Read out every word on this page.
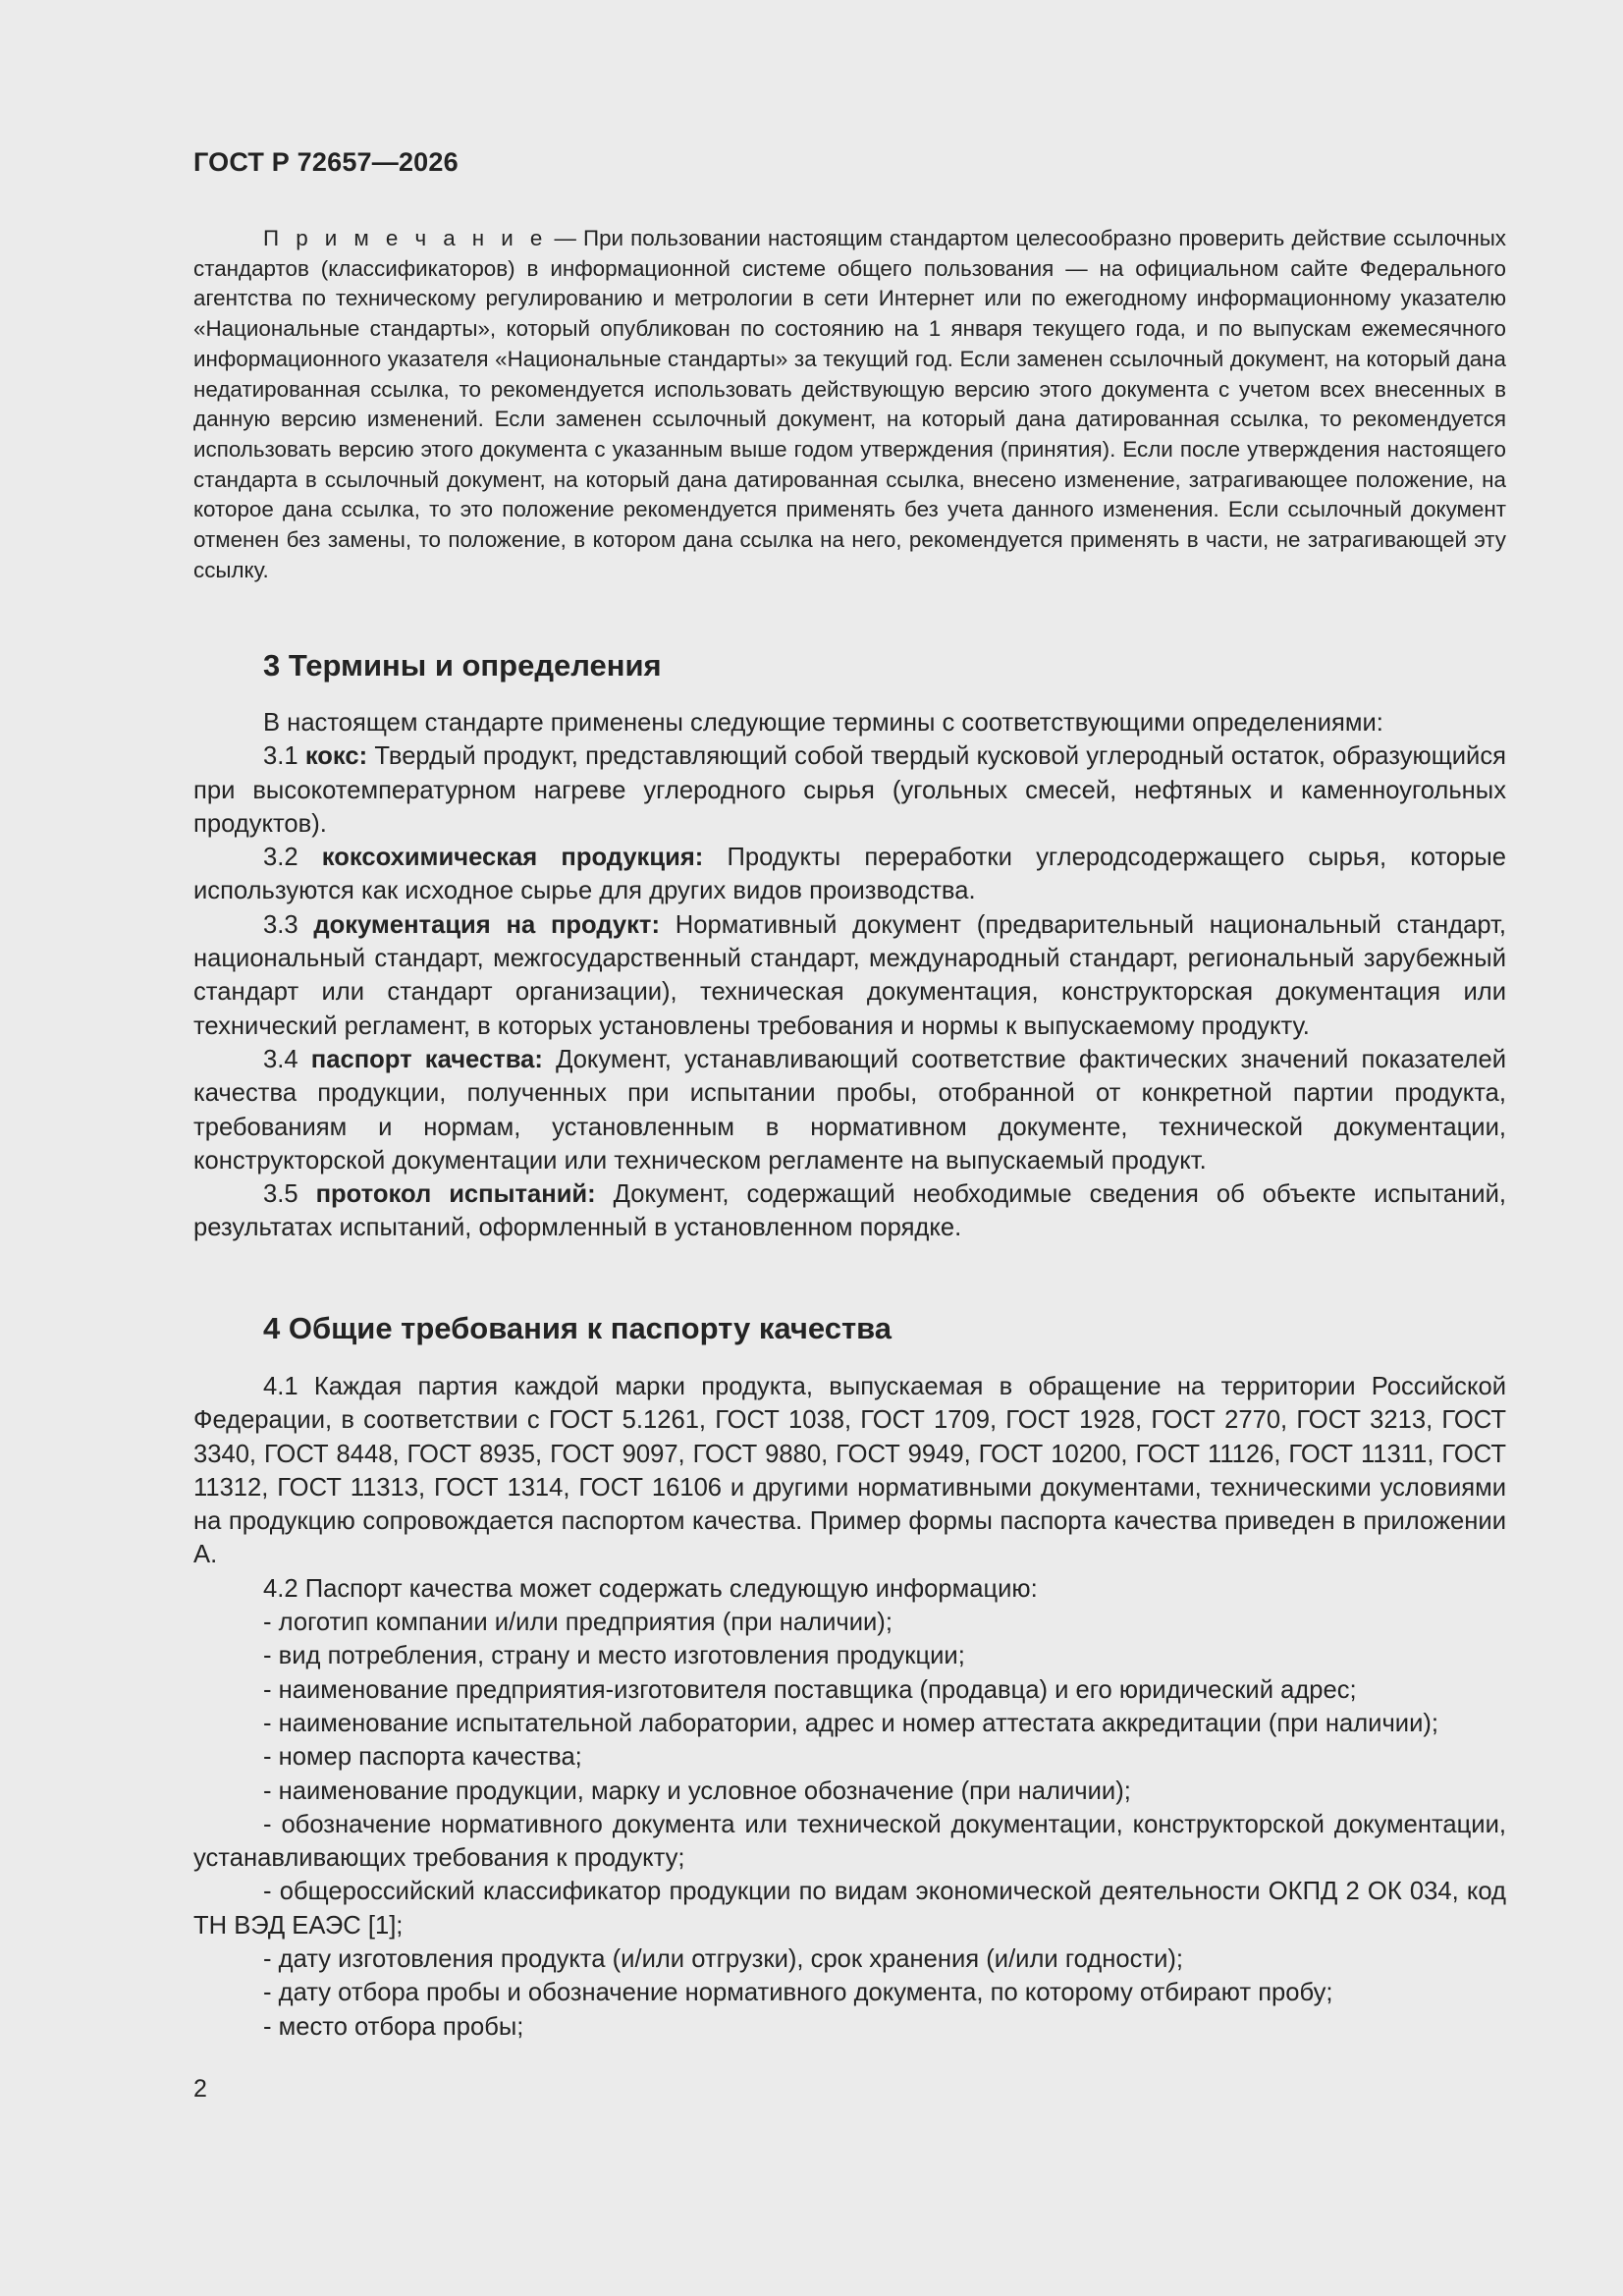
ГОСТ Р 72657—2026

П р и м е ч а н и е — При пользовании настоящим стандартом целесообразно проверить действие ссылочных стандартов (классификаторов) в информационной системе общего пользования — на официальном сайте Федерального агентства по техническому регулированию и метрологии в сети Интернет или по ежегодному информационному указателю «Национальные стандарты», который опубликован по состоянию на 1 января текущего года, и по выпускам ежемесячного информационного указателя «Национальные стандарты» за текущий год. Если заменен ссылочный документ, на который дана недатированная ссылка, то рекомендуется использовать действующую версию этого документа с учетом всех внесенных в данную версию изменений. Если заменен ссылочный документ, на который дана датированная ссылка, то рекомендуется использовать версию этого документа с указанным выше годом утверждения (принятия). Если после утверждения настоящего стандарта в ссылочный документ, на который дана датированная ссылка, внесено изменение, затрагивающее положение, на которое дана ссылка, то это положение рекомендуется применять без учета данного изменения. Если ссылочный документ отменен без замены, то положение, в котором дана ссылка на него, рекомендуется применять в части, не затрагивающей эту ссылку.

3 Термины и определения

В настоящем стандарте применены следующие термины с соответствующими определениями:

3.1 кокс: Твердый продукт, представляющий собой твердый кусковой углеродный остаток, образующийся при высокотемпературном нагреве углеродного сырья (угольных смесей, нефтяных и каменноугольных продуктов).

3.2 коксохимическая продукция: Продукты переработки углеродсодержащего сырья, которые используются как исходное сырье для других видов производства.

3.3 документация на продукт: Нормативный документ (предварительный национальный стандарт, национальный стандарт, межгосударственный стандарт, международный стандарт, региональный зарубежный стандарт или стандарт организации), техническая документация, конструкторская документация или технический регламент, в которых установлены требования и нормы к выпускаемому продукту.

3.4 паспорт качества: Документ, устанавливающий соответствие фактических значений показателей качества продукции, полученных при испытании пробы, отобранной от конкретной партии продукта, требованиям и нормам, установленным в нормативном документе, технической документации, конструкторской документации или техническом регламенте на выпускаемый продукт.

3.5 протокол испытаний: Документ, содержащий необходимые сведения об объекте испытаний, результатах испытаний, оформленный в установленном порядке.

4 Общие требования к паспорту качества

4.1 Каждая партия каждой марки продукта, выпускаемая в обращение на территории Российской Федерации, в соответствии с ГОСТ 5.1261, ГОСТ 1038, ГОСТ 1709, ГОСТ 1928, ГОСТ 2770, ГОСТ 3213, ГОСТ 3340, ГОСТ 8448, ГОСТ 8935, ГОСТ 9097, ГОСТ 9880, ГОСТ 9949, ГОСТ 10200, ГОСТ 11126, ГОСТ 11311, ГОСТ 11312, ГОСТ 11313, ГОСТ 1314, ГОСТ 16106 и другими нормативными документами, техническими условиями на продукцию сопровождается паспортом качества. Пример формы паспорта качества приведен в приложении А.

4.2 Паспорт качества может содержать следующую информацию:

- логотип компании и/или предприятия (при наличии);

- вид потребления, страну и место изготовления продукции;

- наименование предприятия-изготовителя поставщика (продавца) и его юридический адрес;

- наименование испытательной лаборатории, адрес и номер аттестата аккредитации (при наличии);

- номер паспорта качества;

- наименование продукции, марку и условное обозначение (при наличии);

- обозначение нормативного документа или технической документации, конструкторской документации, устанавливающих требования к продукту;

- общероссийский классификатор продукции по видам экономической деятельности ОКПД 2 ОК 034, код ТН ВЭД ЕАЭС [1];

- дату изготовления продукта (и/или отгрузки), срок хранения (и/или годности);

- дату отбора пробы и обозначение нормативного документа, по которому отбирают пробу;

- место отбора пробы;

2
